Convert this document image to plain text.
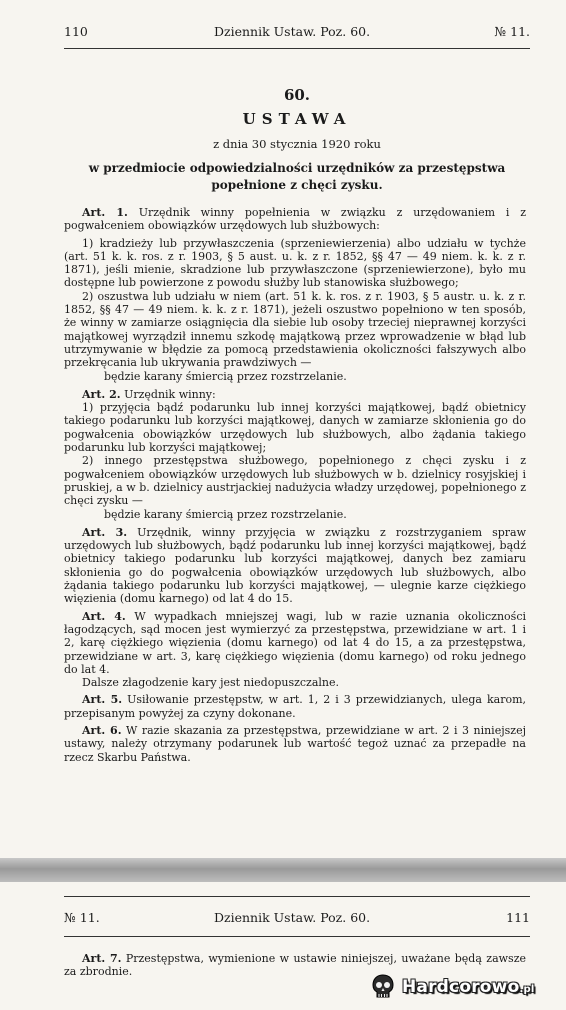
110	Dziennik Ustaw. Poz. 60.	№ 11.
60.
USTAWA
z dnia 30 stycznia 1920 roku
w przedmiocie odpowiedzialności urzędników za przestępstwa popełnione z chęci zysku.

Art. 1. Urzędnik winny popełnienia w związku z urzędowaniem i z pogwałceniem obowiązków urzędowych lub służbowych:

1) kradzieży lub przywłaszczenia (sprzeniewierzenia) albo udziału w tychże (art. 51 k. k. ros. z r. 1903, § 5 aust. u. k. z r. 1852, §§ 47 — 49 niem. k. k. z r. 1871), jeśli mienie, skradzione lub przywłaszczone (sprzeniewierzone), było mu dostępne lub powierzone z powodu służby lub stanowiska służbowego;

2) oszustwa lub udziału w niem (art. 51 k. k. ros. z r. 1903, § 5 austr. u. k. z r. 1852, §§ 47 — 49 niem. k. k. z r. 1871), jeżeli oszustwo popełniono w ten sposób, że winny w zamiarze osiągnięcia dla siebie lub osoby trzeciej nieprawnej korzyści majątkowej wyrządził innemu szkodę majątkową przez wprowadzenie w błąd lub utrzymywanie w błędzie za pomocą przedstawienia okoliczności fałszywych albo przekręcania lub ukrywania prawdziwych —

będzie karany śmiercią przez rozstrzelanie.

Art. 2. Urzędnik winny:

1) przyjęcia bądź podarunku lub innej korzyści majątkowej, bądź obietnicy takiego podarunku lub korzyści majątkowej, danych w zamiarze skłonienia go do pogwałcenia obowiązków urzędowych lub służbowych, albo żądania takiego podarunku lub korzyści majątkowej;

2) innego przestępstwa służbowego, popełnionego z chęci zysku i z pogwałceniem obowiązków urzędowych lub służbowych w b. dzielnicy rosyjskiej i pruskiej, a w b. dzielnicy austrjackiej nadużycia władzy urzędowej, popełnionego z chęci zysku —

będzie karany śmiercią przez rozstrzelanie.

Art. 3. Urzędnik, winny przyjęcia w związku z rozstrzyganiem spraw urzędowych lub służbowych, bądź podarunku lub innej korzyści majątkowej, bądź obietnicy takiego podarunku lub korzyści majątkowej, danych bez zamiaru skłonienia go do pogwałcenia obowiązków urzędowych lub służbowych, albo żądania takiego podarunku lub korzyści majątkowej, — ulegnie karze ciężkiego więzienia (domu karnego) od lat 4 do 15.

Art. 4. W wypadkach mniejszej wagi, lub w razie uznania okoliczności łagodzących, sąd mocen jest wymierzyć za przestępstwa, przewidziane w art. 1 i 2, karę ciężkiego więzienia (domu karnego) od lat 4 do 15, a za przestępstwa, przewidziane w art. 3, karę ciężkiego więzienia (domu karnego) od roku jednego do lat 4.

Dalsze złagodzenie kary jest niedopuszczalne.

Art. 5. Usiłowanie przestępstw, w art. 1, 2 i 3 przewidzianych, ulega karom, przepisanym powyżej za czyny dokonane.

Art. 6. W razie skazania za przestępstwa, przewidziane w art. 2 i 3 niniejszej ustawy, należy otrzymany podarunek lub wartość tegoż uznać za przepadłe na rzecz Skarbu Państwa.

№ 11.	Dziennik Ustaw. Poz. 60.	111

Art. 7. Przestępstwa, wymienione w ustawie niniejszej, uważane będą zawsze za zbrodnie.

Hardcorowo.pl
